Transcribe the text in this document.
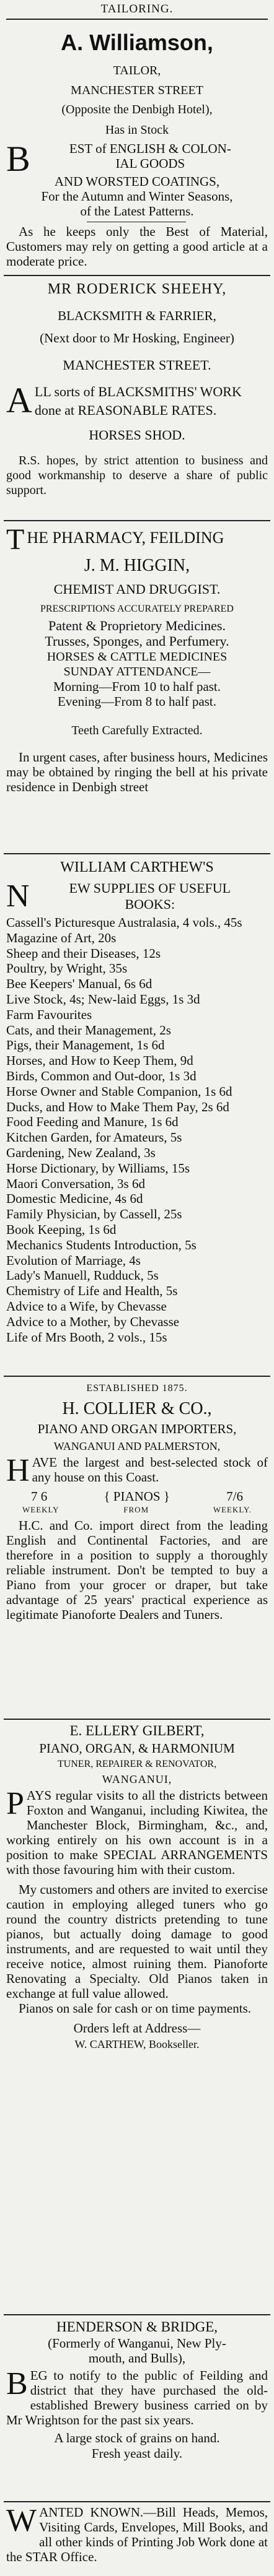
TAILORING.

A. Williamson,

TAILOR,

MANCHESTER STREET

(Opposite the Denbigh Hotel),

Has in Stock

B	EST of ENGLISH & COLON-

IAL GOODS

AND WORSTED COATINGS,

For the Autumn and Winter Seasons,

of the Latest Patterns.

As he keeps only the Best of Material, Customers may rely on getting a good article at a moderate price.

MR RODERICK SHEEHY,

BLACKSMITH & FARRIER,

(Next door to Mr Hosking, Engineer)

MANCHESTER STREET.

A LL sorts of BLACKSMITHS' WORK done at REASONABLE RATES.

HORSES SHOD.

R.S. hopes, by strict attention to business and good workmanship to deserve a share of public support.

T HE PHARMACY, FEILDING

J. M. HIGGIN,

CHEMIST AND DRUGGIST.

PRESCRIPTIONS ACCURATELY PREPARED

Patent & Proprietory Medicines.

Trusses, Sponges, and Perfumery.

HORSES & CATTLE MEDICINES

SUNDAY ATTENDANCE—

Morning—From 10 to half past.

Evening—From 8 to half past.

Teeth Carefully Extracted.

In urgent cases, after business hours, Medicines may be obtained by ringing the bell at his private residence in Denbigh street

WILLIAM CARTHEW'S

N	EW SUPPLIES OF USEFUL

BOOKS:

Cassell's Picturesque Australasia, 4 vols., 45s

Magazine of Art, 20s

Sheep and their Diseases, 12s

Poultry, by Wright, 35s

Bee Keepers' Manual, 6s 6d

Live Stock, 4s; New-laid Eggs, 1s 3d

Farm Favourites

Cats, and their Management, 2s

Pigs, their Management, 1s 6d

Horses, and How to Keep Them, 9d

Birds, Common and Out-door, 1s 3d

Horse Owner and Stable Companion, 1s 6d

Ducks, and How to Make Them Pay, 2s 6d

Food Feeding and Manure, 1s 6d

Kitchen Garden, for Amateurs, 5s

Gardening, New Zealand, 3s

Horse Dictionary, by Williams, 15s

Maori Conversation, 3s 6d

Domestic Medicine, 4s 6d

Family Physician, by Cassell, 25s

Book Keeping, 1s 6d

Mechanics Students Introduction, 5s

Evolution of Marriage, 4s

Lady's Manuell, Rudduck, 5s

Chemistry of Life and Health, 5s

Advice to a Wife, by Chevasse

Advice to a Mother, by Chevasse

Life of Mrs Booth, 2 vols., 15s

ESTABLISHED 1875.

H. COLLIER & CO.,

PIANO AND ORGAN IMPORTERS,

WANGANUI AND PALMERSTON,

H AVE the largest and best-selected stock of any house on this Coast.

7 6	{ PIANOS }	7/6
WEEKLY	FROM	WEEKLY.

H.C. and Co. import direct from the leading English and Continental Factories, and are therefore in a position to supply a thoroughly reliable instrument. Don't be tempted to buy a Piano from your grocer or draper, but take advantage of 25 years' practical experience as legitimate Pianoforte Dealers and Tuners.

E. ELLERY GILBERT,

PIANO, ORGAN, & HARMONIUM

TUNER, REPAIRER & RENOVATOR,

WANGANUI,

P AYS regular visits to all the districts between Foxton and Wanganui, including Kiwitea, the Manchester Block, Birmingham, &c., and, working entirely on his own account is in a position to make SPECIAL ARRANGEMENTS with those favouring him with their custom.

My customers and others are invited to exercise caution in employing alleged tuners who go round the country districts pretending to tune pianos, but actually doing damage to good instruments, and are requested to wait until they receive notice, almost ruining them. Pianoforte Renovating a Specialty. Old Pianos taken in exchange at full value allowed.

Pianos on sale for cash or on time payments.

Orders left at Address—

W. CARTHEW, Bookseller.

HENDERSON & BRIDGE,

(Formerly of Wanganui, New Ply-

mouth, and Bulls),

B EG to notify to the public of Feilding and district that they have purchased the old-established Brewery business carried on by Mr Wrightson for the past six years.

A large stock of grains on hand.

Fresh yeast daily.

W ANTED KNOWN.—Bill Heads, Memos, Visiting Cards, Envelopes, Mill Books, and all other kinds of Printing Job Work done at the STAR Office.
